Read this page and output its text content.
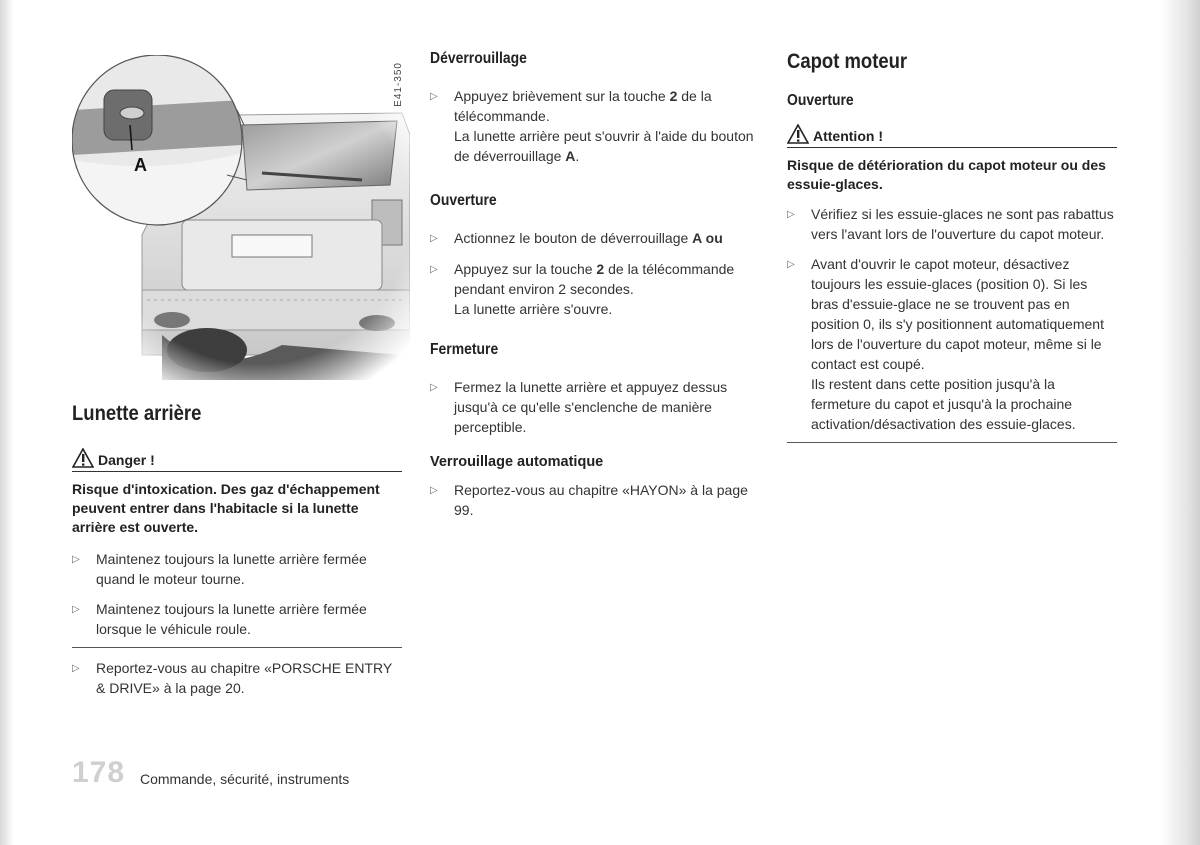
A
E41-350
Lunette arrière
Danger !
Risque d'intoxication. Des gaz d'échappement peuvent entrer dans l'habitacle si la lunette arrière est ouverte.
▷	Maintenez toujours la lunette arrière fermée quand le moteur tourne.
▷	Maintenez toujours la lunette arrière fermée lorsque le véhicule roule.
▷	Reportez-vous au chapitre «PORSCHE ENTRY & DRIVE» à la page 20.
Déverrouillage
▷	Appuyez brièvement sur la touche 2 de la télécommande.
La lunette arrière peut s'ouvrir à l'aide du bouton de déverrouillage A.
Ouverture
▷	Actionnez le bouton de déverrouillage A ou
▷	Appuyez sur la touche 2 de la télécommande pendant environ 2 secondes.
La lunette arrière s'ouvre.
Fermeture
▷	Fermez la lunette arrière et appuyez dessus jusqu'à ce qu'elle s'enclenche de manière perceptible.
Verrouillage automatique
▷	Reportez-vous au chapitre «HAYON» à la page 99.
Capot moteur
Ouverture
Attention !
Risque de détérioration du capot moteur ou des essuie-glaces.
▷	Vérifiez si les essuie-glaces ne sont pas rabattus vers l'avant lors de l'ouverture du capot moteur.
▷	Avant d'ouvrir le capot moteur, désactivez toujours les essuie-glaces (position 0). Si les bras d'essuie-glace ne se trouvent pas en position 0, ils s'y positionnent automatiquement lors de l'ouverture du capot moteur, même si le contact est coupé.
Ils restent dans cette position jusqu'à la fermeture du capot et jusqu'à la prochaine activation/désactivation des essuie-glaces.
178 Commande, sécurité, instruments
